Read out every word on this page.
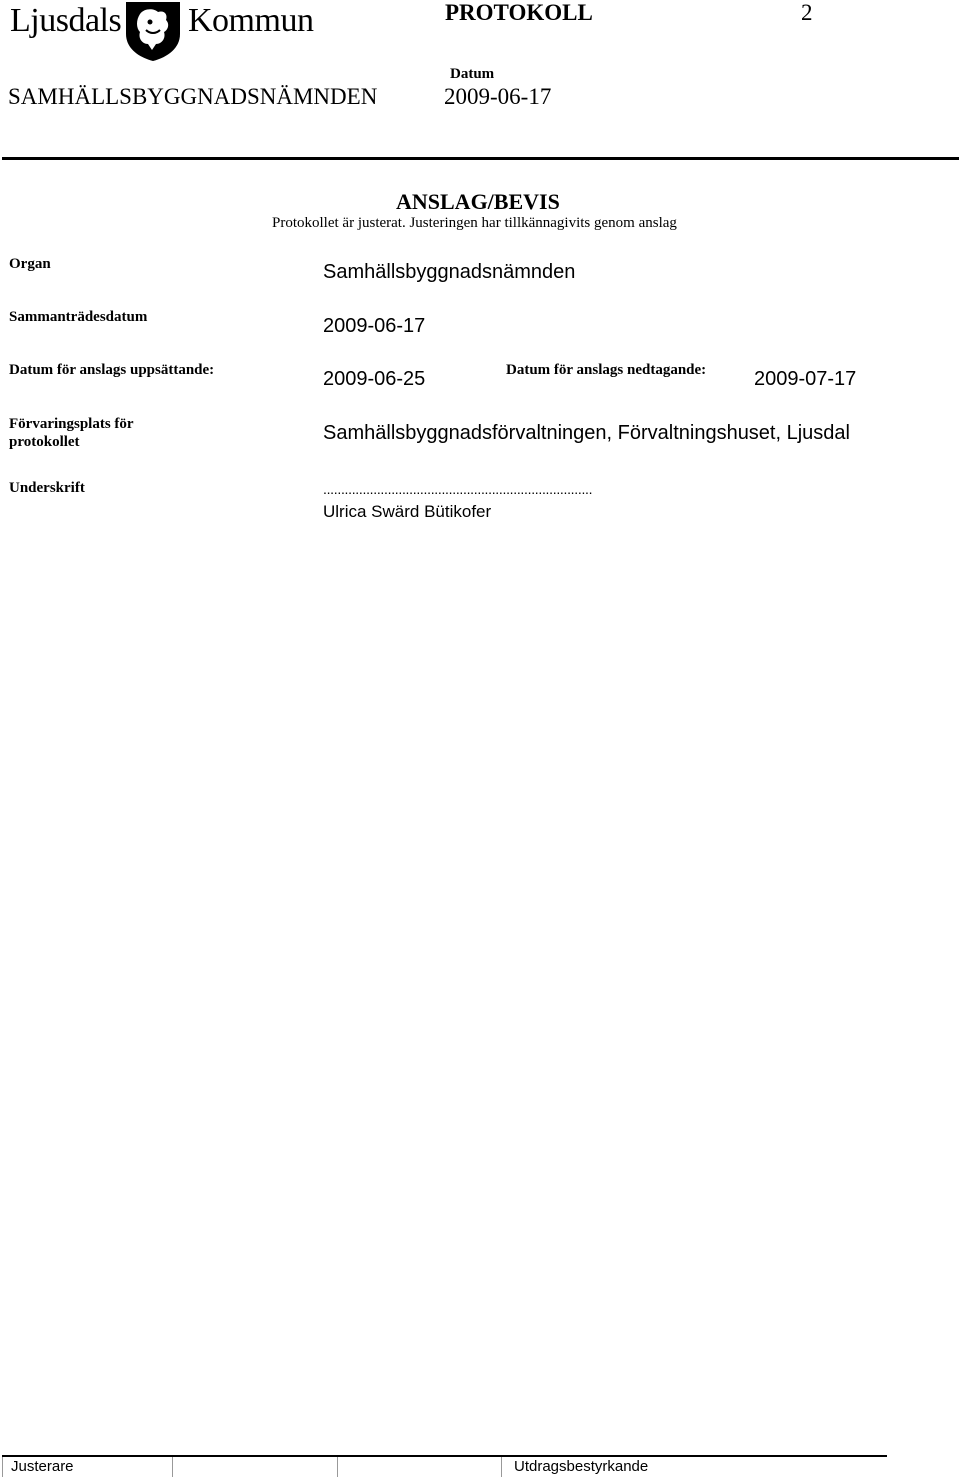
Ljusdals Kommun	PROTOKOLL	2
Datum
SAMHÄLLSBYGGNADSNÄMNDEN	2009-06-17
ANSLAG/BEVIS
Protokollet är justerat. Justeringen har tillkännagivits genom anslag
Organ	Samhällsbyggnadsnämnden
Sammanträdesdatum	2009-06-17
Datum för anslags uppsättande:	2009-06-25	Datum för anslags nedtagande: 2009-07-17
Förvaringsplats för
protokollet	Samhällsbyggnadsförvaltningen, Förvaltningshuset, Ljusdal
Underskrift	...........................................................................
Ulrica Swärd Bütikofer
Justerare	Utdragsbestyrkande
